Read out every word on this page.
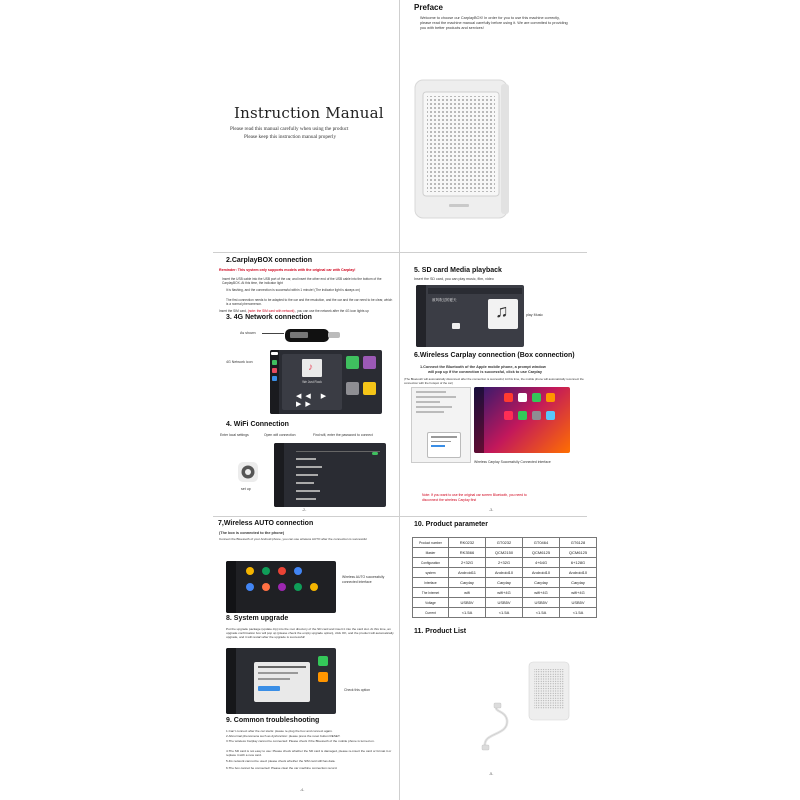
Instruction Manual
Please read this manual carefully when using the product
Please keep this instruction manual properly
Preface
Welcome to choose our CarplayBOX! In order for you to use this machine correctly, please read the machine manual carefully before using it. We are commited to providing you with better products and services!
2.CarplayBOX connection
Reminder: This system only supports models with the original car with Carplay!
Insert the USB cable into the USB port of the car, and insert the other end of the USB cable into the bottom of the CarplayBOX. At this time, the indicator light
It is flashing, and the connection is successful within 1 minute! (The indicator light is always on)
The first connection needs to be adapted to the car and the resolution, and the car and the car need to be clear, which is a normal phenomenon.
Insert the SIM card, (note: the SIM card with network) , you can use the network after the 4G icon lights up
3. 4G Network connection
As shown
4G Network icon	♪
We Just Rock
◀◀ ▶ ▶▶
4. WiFi Connection
Enter local settings	Open wifi connection	Find wifi, enter the password to connect
set up
-2-
5. SD card Media playback
Insert the SD card, you can play music, film, video
被风吹过的夏天
♫	play Music
6.Wireless Carplay connection (Box connection)
1.Connect the Bluetooth of the Apple mobile phone, a prompt window
will pop up if the connection is successful, click to use Carplay
(The Bluetooth will automatically disconnect after the connection is successful; At this time, the mobile phone will automatically reconnect the connection with the hotspot of the car)
Wireless Carplay Successfully Connected interface
Note: If you want to use the original car screen Bluetooth, you need to
disconnect the wireless Carplay first
-3-
7,Wireless AUTO connection
(The box is connected to the phone)
Connect the Bluetooth of your Android phone, you can use wireless AUTO after the connection is successful
Wireless AUTO successfully
connected interface
8. System upgrade
Put the upgrade package (update.zip) into the root directory of the SD card and insert it into the card slot. At this time, an upgrade confirmation box will pop up (please check the empty upgrade option), click OK, and the product will automatically upgrade, and it will restart after the upgrade is successful!
Check this option
9. Common troubleshooting
1.Can't connect after the car starts: please re-plug the box and connect again.
2.Abnormal phenomena such as dysfunction: please press the reset button RESET.
3.The wireless Carplay cannot be connected: Please check if the Bluetooth of the mobile phone is turned on.
4.The SD card is not easy to use: Please check whether the SD card is damaged, please re-insert the card or format it or replace it with a new card.
5.4G network cannot be used: please check whether the SIM card still has data.
6.The box cannot be connected: Please clear the car machine connection record.
-4-
10. Product parameter
Product number	RK0232	GT0232	GT0464	GT6128
Master	RK3566	QCM2150	QCM6125	QCM6125
Configuration	2+32G	2+32G	4+64G	6+128G
system	Android11	Android10	Android10	Android10
Interface	Carplay	Carplay	Carplay	Carplay
The Internet	wifi	wifi+4G	wifi+4G	wifi+4G
Voltage	USB5V	USB5V	USB5V	USB5V
Current	<1.5A	<1.5A	<1.5A	<1.5A
11. Product List
-5-
